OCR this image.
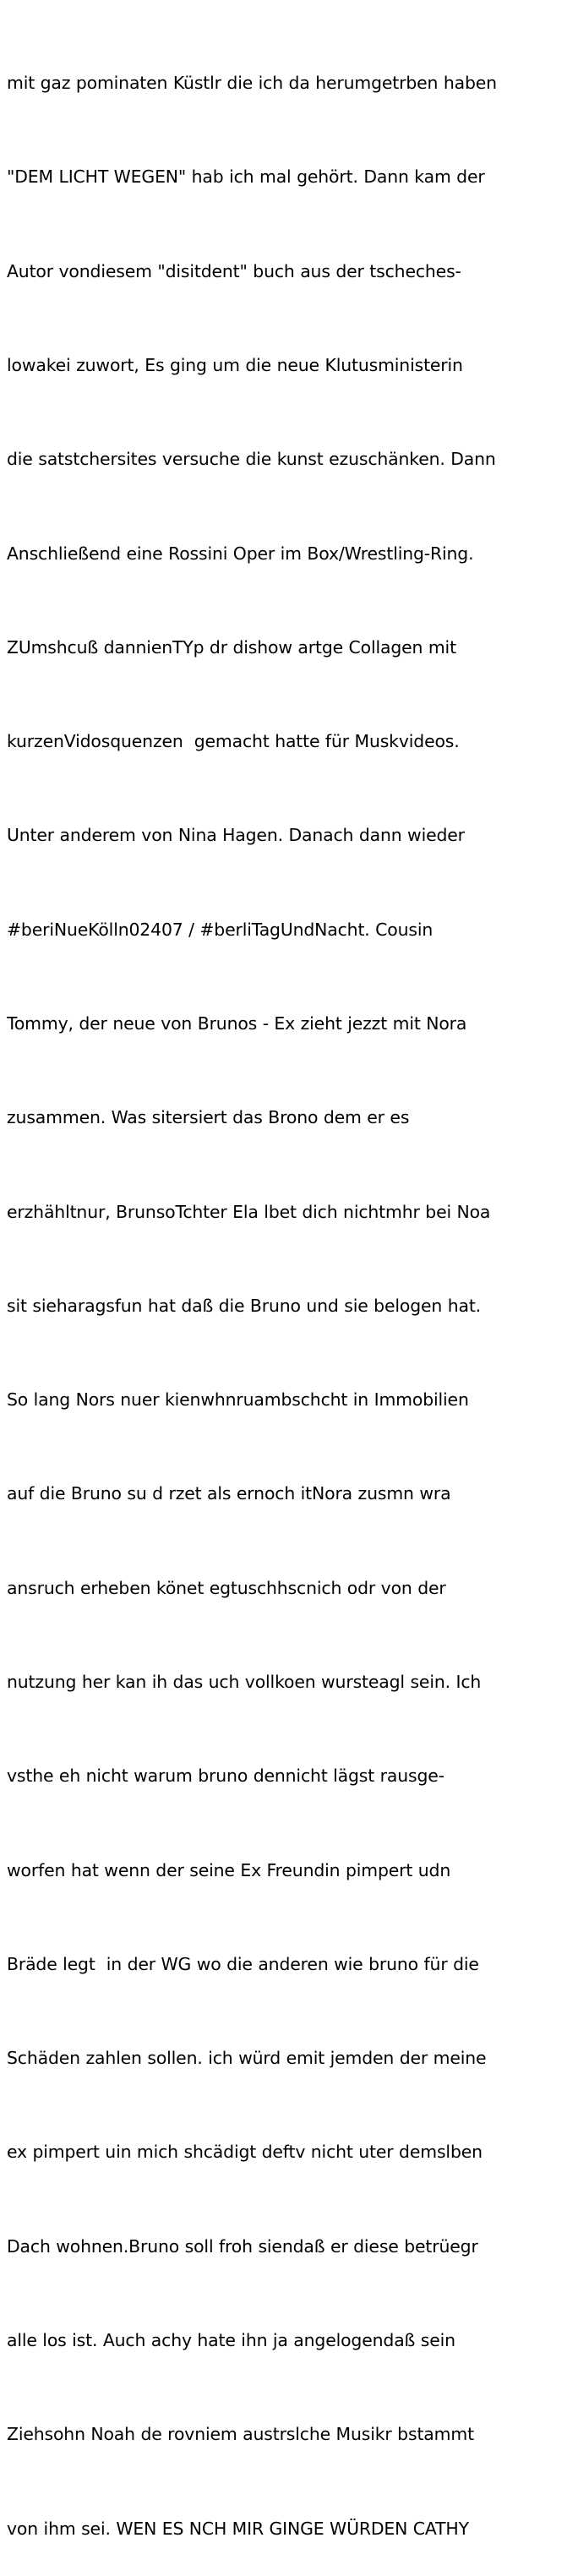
mit gaz pominaten Küstlr die ich da herumgetrben haben

"DEM LICHT WEGEN" hab ich mal gehört. Dann kam der

Autor vondiesem "disitdent" buch aus der tscheches-

lowakei zuwort, Es ging um die neue Klutusministerin

die satstchersites versuche die kunst ezuschänken. Dann

Anschließend eine Rossini Oper im Box/Wrestling-Ring.

ZUmshcuß dannienTYp dr dishow artge Collagen mit

kurzenVidosquenzen  gemacht hatte für Muskvideos.

Unter anderem von Nina Hagen. Danach dann wieder

#beriNueKölln02407 / #berliTagUndNacht. Cousin

Tommy, der neue von Brunos - Ex zieht jezzt mit Nora

zusammen. Was sitersiert das Brono dem er es

erzhähltnur, BrunsoTchter Ela lbet dich nichtmhr bei Noa

sit sieharagsfun hat daß die Bruno und sie belogen hat.

So lang Nors nuer kienwhnruambschcht in Immobilien

auf die Bruno su d rzet als ernoch itNora zusmn wra

ansruch erheben könet egtuschhscnich odr von der

nutzung her kan ih das uch vollkoen wursteagl sein. Ich

vsthe eh nicht warum bruno dennicht lägst rausge-

worfen hat wenn der seine Ex Freundin pimpert udn

Bräde legt  in der WG wo die anderen wie bruno für die

Schäden zahlen sollen. ich würd emit jemden der meine

ex pimpert uin mich shcädigt deftv nicht uter demslben

Dach wohnen.Bruno soll froh siendaß er diese betrüegr

alle los ist. Auch achy hate ihn ja angelogendaß sein

Ziehsohn Noah de rovniem austrslche Musikr bstammt

von ihm sei. WEN ES NCH MIR GINGE WÜRDEN CATHY
